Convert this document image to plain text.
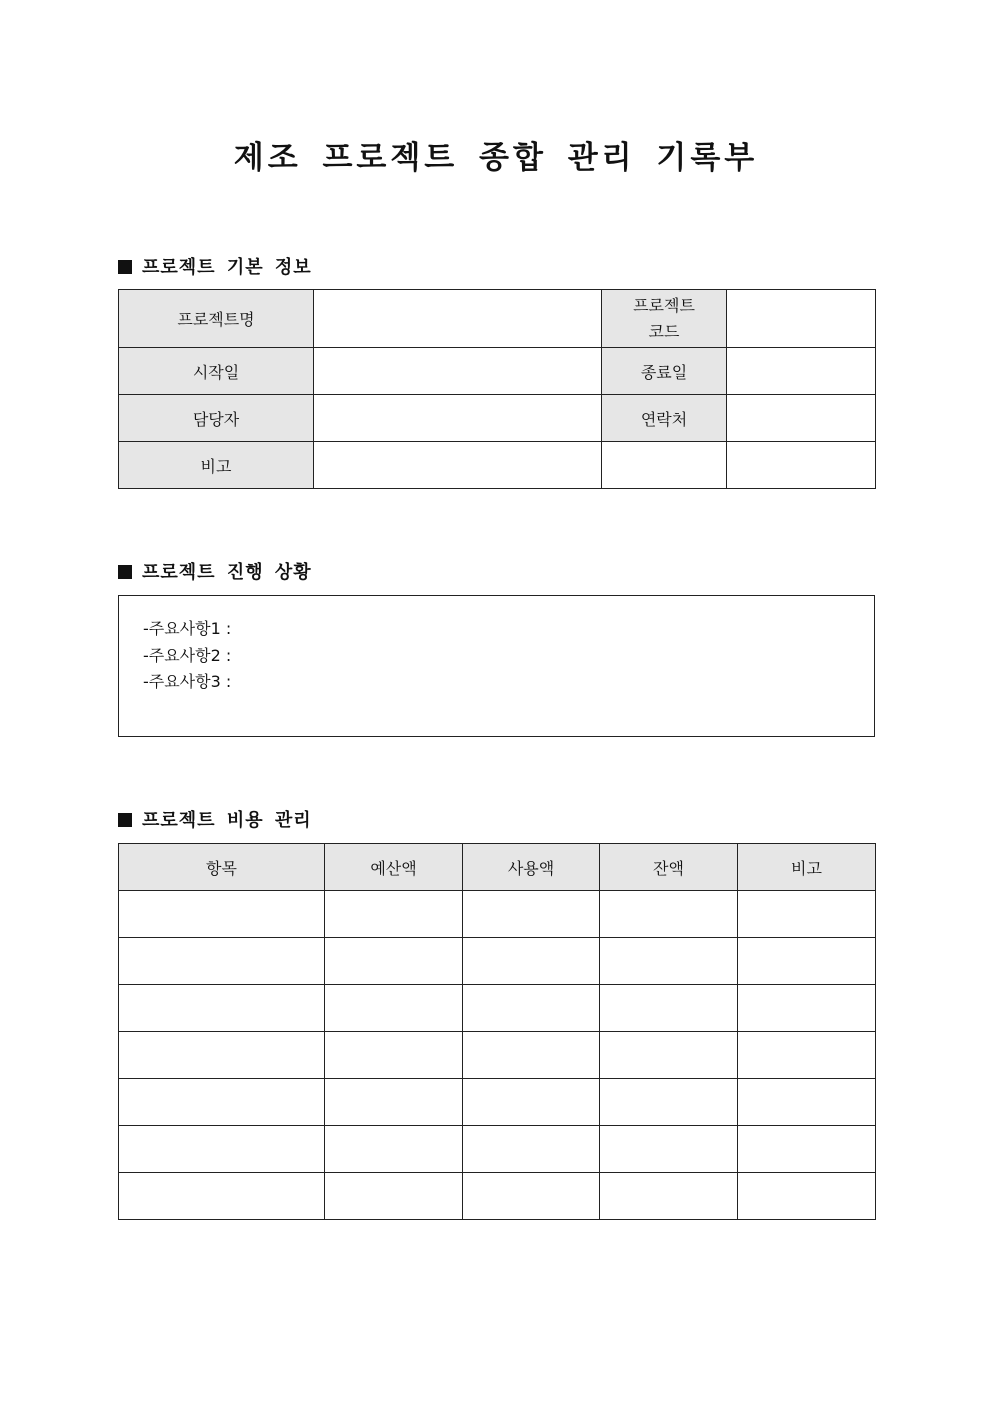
제조 프로젝트 종합 관리 기록부
프로젝트 기본 정보
프로젝트명		프로젝트
코드	
시작일		종료일	
담당자		연락처	
비고			
프로젝트 진행 상황
-주요사항1 :
-주요사항2 :
-주요사항3 :
프로젝트 비용 관리
항목	예산액	사용액	잔액	비고
